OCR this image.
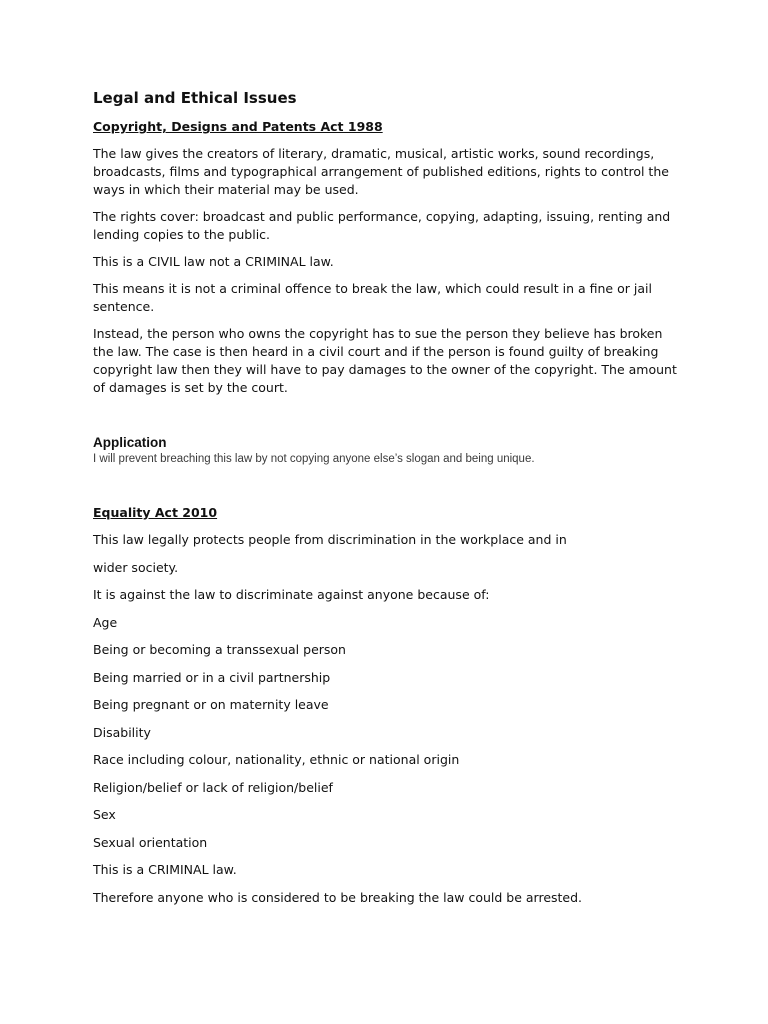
Legal and Ethical Issues
Copyright, Designs and Patents Act 1988

The law gives the creators of literary, dramatic, musical, artistic works, sound recordings, broadcasts, films and typographical arrangement of published editions, rights to control the ways in which their material may be used.

The rights cover: broadcast and public performance, copying, adapting, issuing, renting and lending copies to the public.

This is a CIVIL law not a CRIMINAL law.

This means it is not a criminal offence to break the law, which could result in a fine or jail sentence.

Instead, the person who owns the copyright has to sue the person they believe has broken the law. The case is then heard in a civil court and if the person is found guilty of breaking copyright law then they will have to pay damages to the owner of the copyright. The amount of damages is set by the court.

Application

I will prevent breaching this law by not copying anyone else’s slogan and being unique.

Equality Act 2010

This law legally protects people from discrimination in the workplace and in

wider society.

It is against the law to discriminate against anyone because of:

Age

Being or becoming a transsexual person

Being married or in a civil partnership

Being pregnant or on maternity leave

Disability

Race including colour, nationality, ethnic or national origin

Religion/belief or lack of religion/belief

Sex

Sexual orientation

This is a CRIMINAL law.

Therefore anyone who is considered to be breaking the law could be arrested.
